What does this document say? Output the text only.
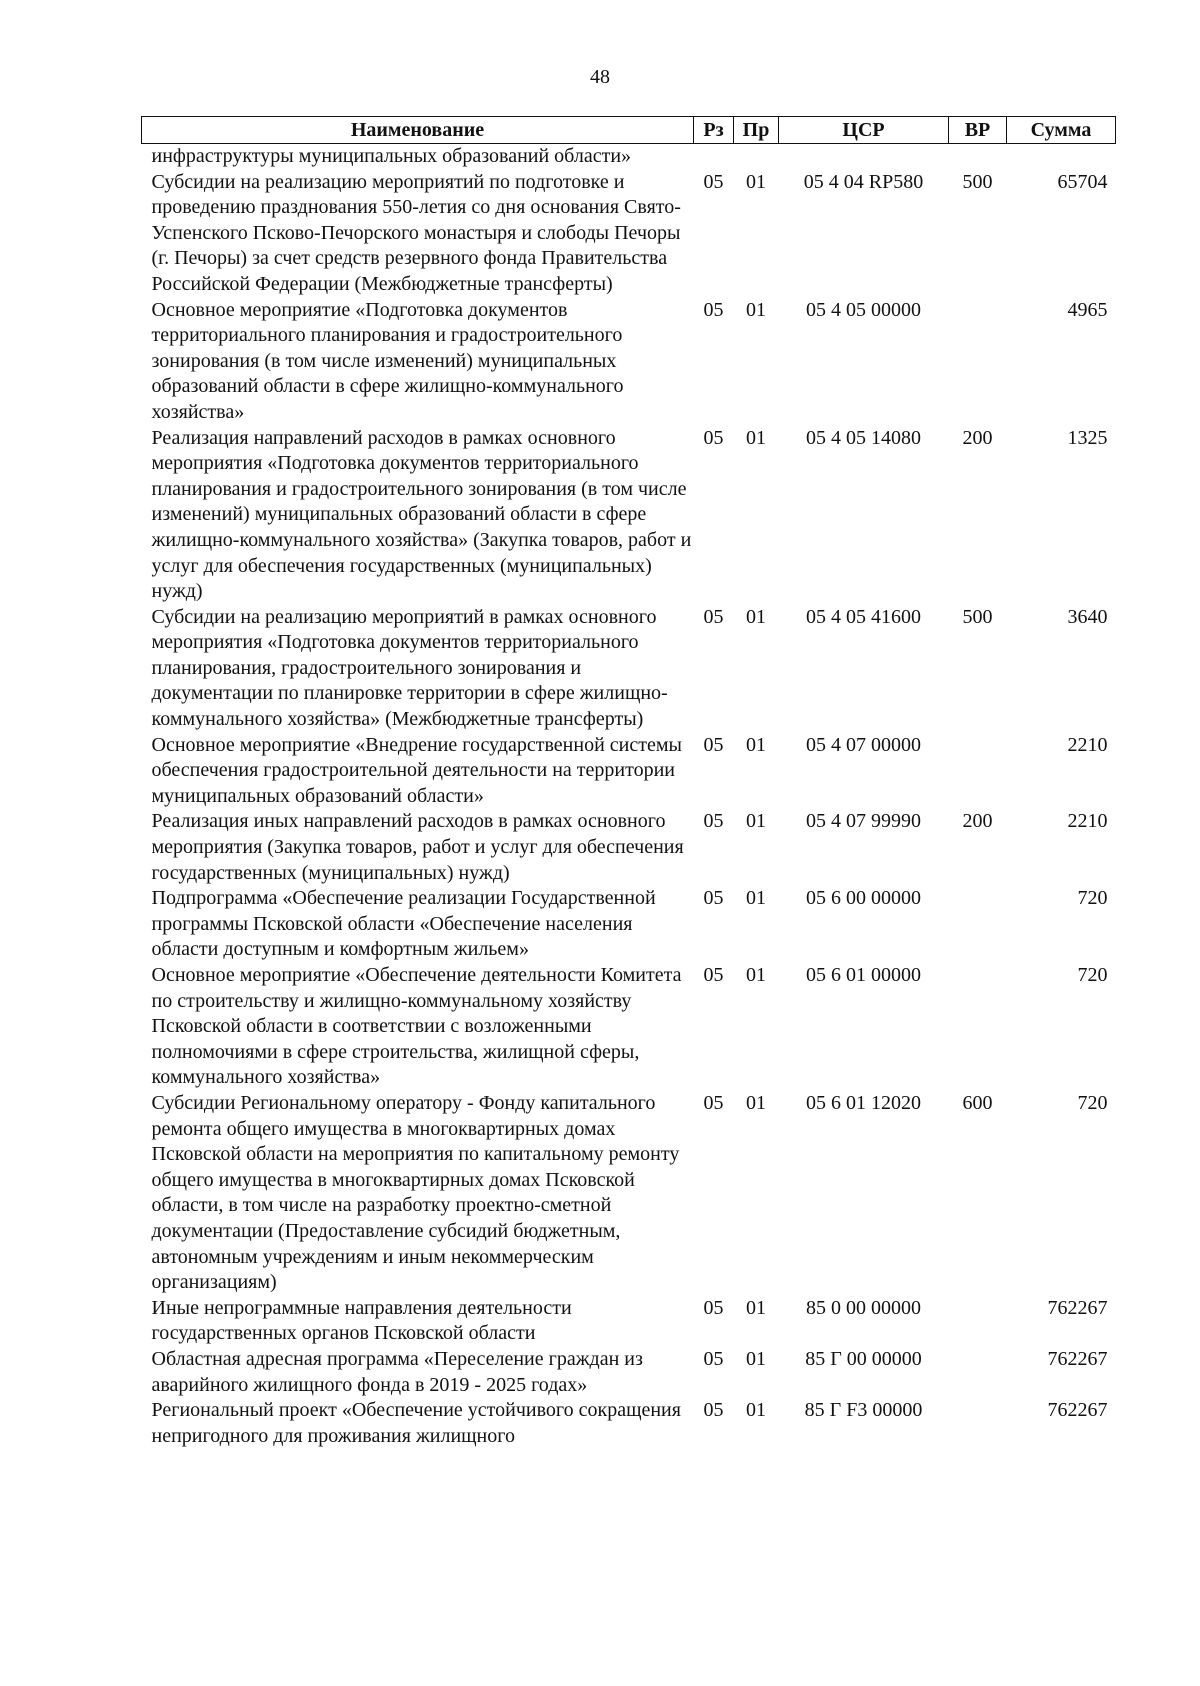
48
Наименование	Рз	Пр	ЦСР	ВР	Сумма
инфраструктуры муниципальных образований области»					
Субсидии на реализацию мероприятий по подготовке и проведению празднования 550-летия со дня основания Свято-Успенского Псково-Печорского монастыря и слободы Печоры (г. Печоры) за счет средств резервного фонда Правительства Российской Федерации (Межбюджетные трансферты)	05	01	05 4 04 RP580	500	65704
Основное мероприятие «Подготовка документов территориального планирования и градостроительного зонирования (в том числе изменений) муниципальных образований области в сфере жилищно-коммунального хозяйства»	05	01	05 4 05 00000		4965
Реализация направлений расходов в рамках основного мероприятия «Подготовка документов территориального планирования и градостроительного зонирования (в том числе изменений) муниципальных образований области в сфере жилищно-коммунального хозяйства» (Закупка товаров, работ и услуг для обеспечения государственных (муниципальных) нужд)	05	01	05 4 05 14080	200	1325
Субсидии на реализацию мероприятий в рамках основного мероприятия «Подготовка документов территориального планирования, градостроительного зонирования и документации по планировке территории в сфере жилищно-коммунального хозяйства» (Межбюджетные трансферты)	05	01	05 4 05 41600	500	3640
Основное мероприятие «Внедрение государственной системы обеспечения градостроительной деятельности на территории муниципальных образований области»	05	01	05 4 07 00000		2210
Реализация иных направлений расходов в рамках основного мероприятия (Закупка товаров, работ и услуг для обеспечения государственных (муниципальных) нужд)	05	01	05 4 07 99990	200	2210
Подпрограмма «Обеспечение реализации Государственной программы Псковской области «Обеспечение населения области доступным и комфортным жильем»	05	01	05 6 00 00000		720
Основное мероприятие «Обеспечение деятельности Комитета по строительству и жилищно-коммунальному хозяйству Псковской области в соответствии с возложенными полномочиями в сфере строительства, жилищной сферы, коммунального хозяйства»	05	01	05 6 01 00000		720
Субсидии Региональному оператору - Фонду капитального ремонта общего имущества в многоквартирных домах Псковской области на мероприятия по капитальному ремонту общего имущества в многоквартирных домах Псковской области, в том числе на разработку проектно-сметной документации (Предоставление субсидий бюджетным, автономным учреждениям и иным некоммерческим организациям)	05	01	05 6 01 12020	600	720
Иные непрограммные направления деятельности государственных органов Псковской области	05	01	85 0 00 00000		762267
Областная адресная программа «Переселение граждан из аварийного жилищного фонда в 2019 - 2025 годах»	05	01	85 Г 00 00000		762267
Региональный проект «Обеспечение устойчивого сокращения непригодного для проживания жилищного	05	01	85 Г F3 00000		762267
